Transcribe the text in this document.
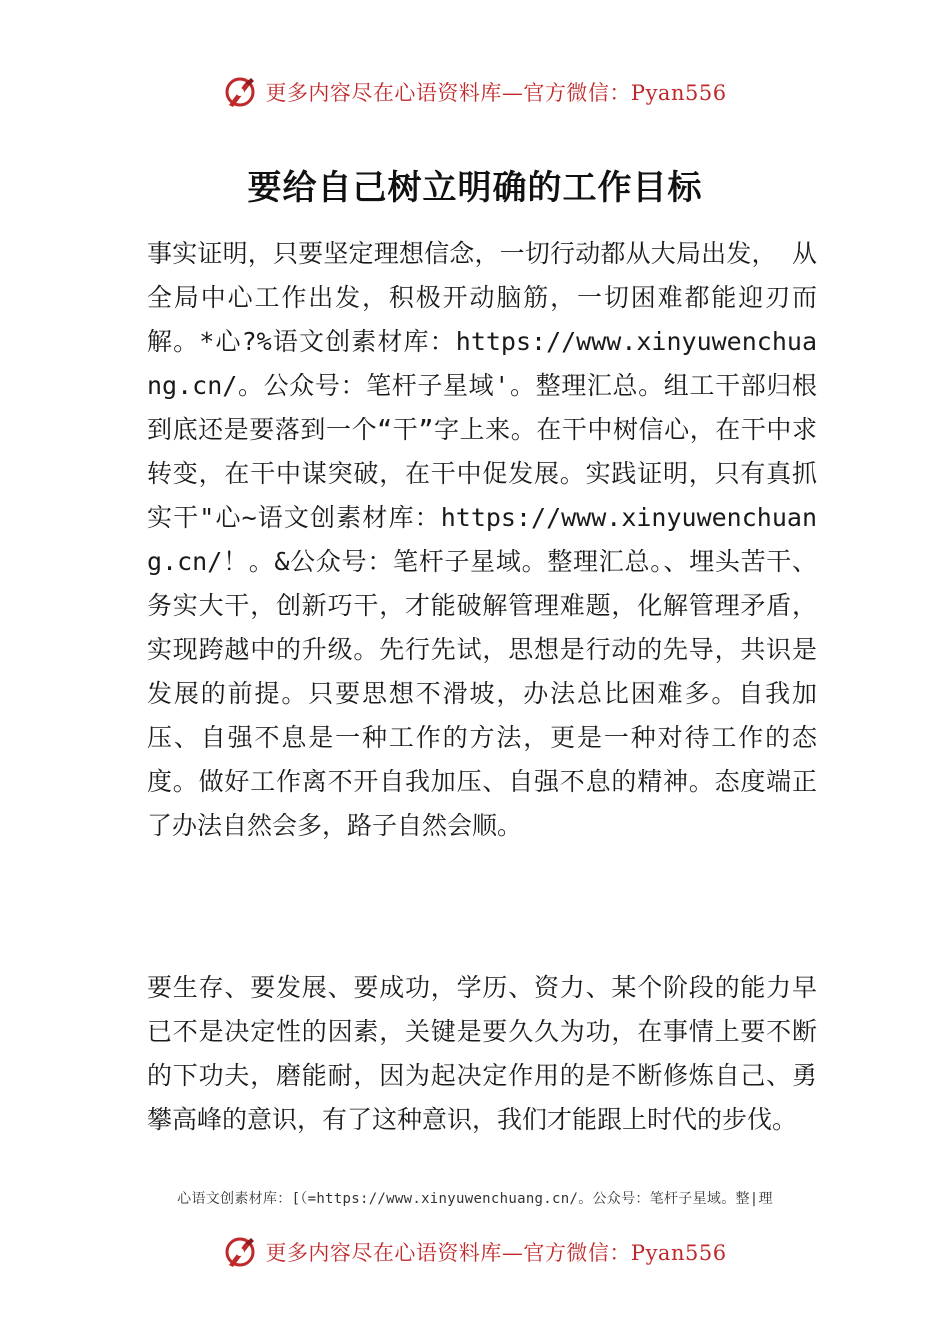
更多内容尽在心语资料库—官方微信：Pyan556
要给自己树立明确的工作目标

事实证明，只要坚定理想信念，一切行动都从大局出发， 从全局中心工作出发，积极开动脑筋，一切困难都能迎刃而解。*心?%语文创素材库：https://www.xinyuwenchuang.cn/。公众号：笔杆子星域'。整理汇总。组工干部归根到底还是要落到一个“干”字上来。在干中树信心，在干中求转变，在干中谋突破，在干中促发展。实践证明，只有真抓实干"心~语文创素材库：https://www.xinyuwenchuang.cn/！。&公众号：笔杆子星域。整理汇总。、埋头苦干、务实大干，创新巧干，才能破解管理难题，化解管理矛盾， 实现跨越中的升级。先行先试，思想是行动的先导，共识是发展的前提。只要思想不滑坡，办法总比困难多。自我加压、自强不息是一种工作的方法，更是一种对待工作的态度。做好工作离不开自我加压、自强不息的精神。态度端正了办法自然会多，路子自然会顺。

要生存、要发展、要成功，学历、资力、某个阶段的能力早已不是决定性的因素，关键是要久久为功，在事情上要不断的下功夫，磨能耐，因为起决定作用的是不断修炼自己、勇攀高峰的意识，有了这种意识，我们才能跟上时代的步伐。

心语文创素材库：[（=https://www.xinyuwenchuang.cn/。公众号：笔杆子星域。整|理
更多内容尽在心语资料库—官方微信：Pyan556
